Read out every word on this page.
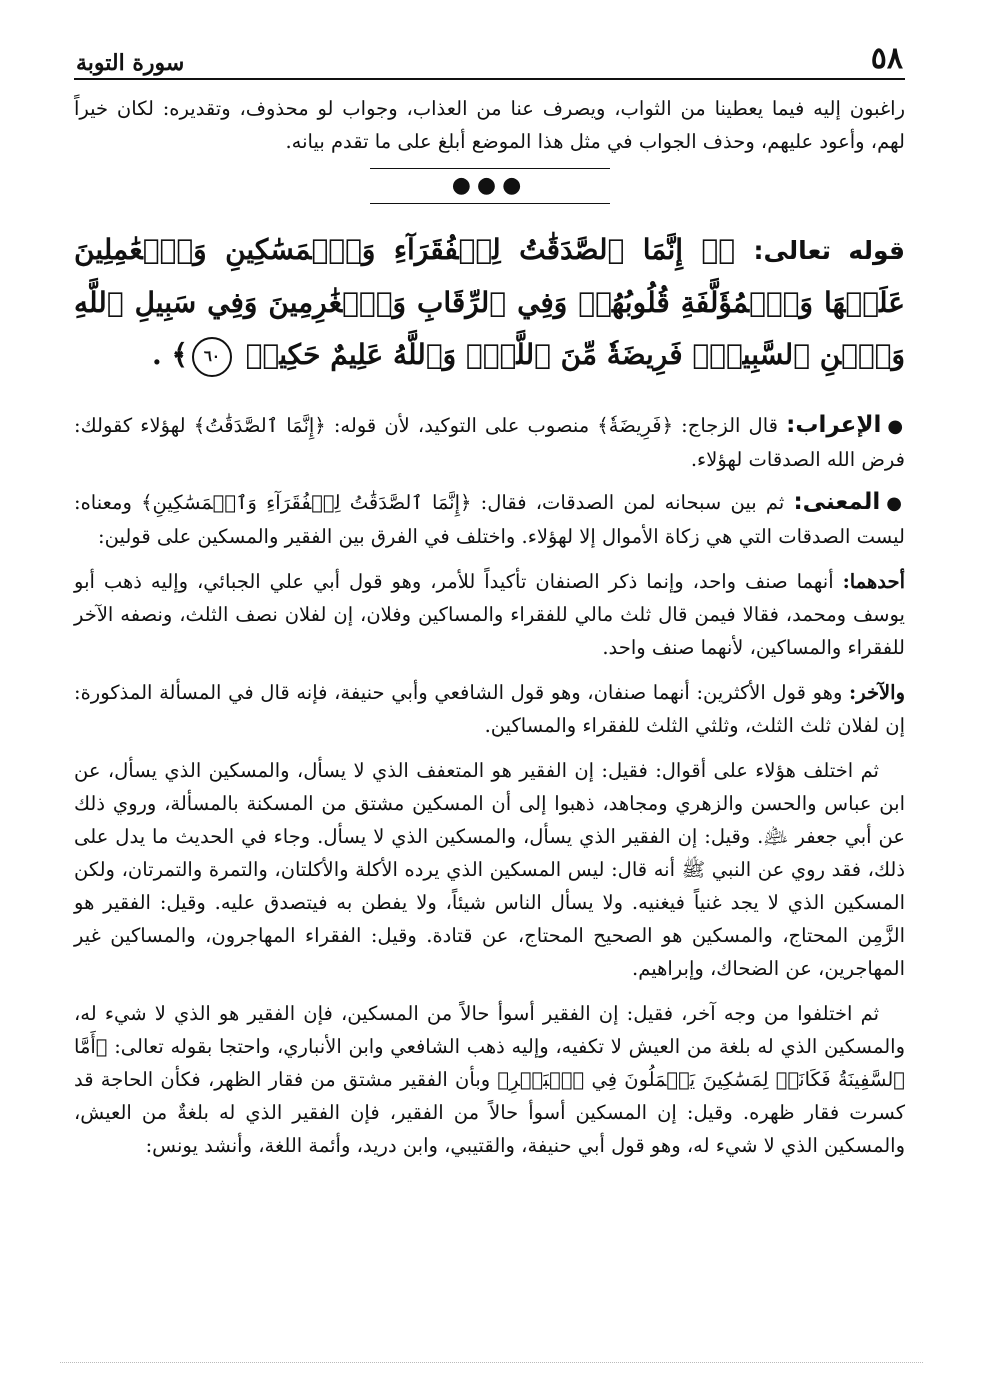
٥٨
سورة التوبة

راغبون إليه فيما يعطينا من الثواب، ويصرف عنا من العذاب، وجواب لو محذوف، وتقديره: لكان خيراً لهم، وأعود عليهم، وحذف الجواب في مثل هذا الموضع أبلغ على ما تقدم بيانه.

●●●

قوله تعالى: ﴿۞ إِنَّمَا ٱلصَّدَقَٰتُ لِلۡفُقَرَآءِ وَٱلۡمَسَٰكِينِ وَٱلۡعَٰمِلِينَ عَلَيۡهَا وَٱلۡمُؤَلَّفَةِ قُلُوبُهُمۡ وَفِي ٱلرِّقَابِ وَٱلۡغَٰرِمِينَ وَفِي سَبِيلِ ٱللَّهِ وَٱبۡنِ ٱلسَّبِيلِۖ فَرِيضَةٗ مِّنَ ٱللَّهِۗ وَٱللَّهُ عَلِيمٌ حَكِيمٞ ٦٠﴾ .

●الإعراب: قال الزجاج: ﴿فَرِيضَةٗ﴾ منصوب على التوكيد، لأن قوله: ﴿إِنَّمَا ٱلصَّدَقَٰتُ﴾ لهؤلاء كقولك: فرض الله الصدقات لهؤلاء.

●المعنى: ثم بين سبحانه لمن الصدقات، فقال: ﴿إِنَّمَا ٱلصَّدَقَٰتُ لِلۡفُقَرَآءِ وَٱلۡمَسَٰكِينِ﴾ ومعناه: ليست الصدقات التي هي زكاة الأموال إلا لهؤلاء. واختلف في الفرق بين الفقير والمسكين على قولين:

أحدهما: أنهما صنف واحد، وإنما ذكر الصنفان تأكيداً للأمر، وهو قول أبي علي الجبائي، وإليه ذهب أبو يوسف ومحمد، فقالا فيمن قال ثلث مالي للفقراء والمساكين وفلان، إن لفلان نصف الثلث، ونصفه الآخر للفقراء والمساكين، لأنهما صنف واحد.

والآخر: وهو قول الأكثرين: أنهما صنفان، وهو قول الشافعي وأبي حنيفة، فإنه قال في المسألة المذكورة: إن لفلان ثلث الثلث، وثلثي الثلث للفقراء والمساكين.

ثم اختلف هؤلاء على أقوال: فقيل: إن الفقير هو المتعفف الذي لا يسأل، والمسكين الذي يسأل، عن ابن عباس والحسن والزهري ومجاهد، ذهبوا إلى أن المسكين مشتق من المسكنة بالمسألة، وروي ذلك عن أبي جعفر ﵇. وقيل: إن الفقير الذي يسأل، والمسكين الذي لا يسأل. وجاء في الحديث ما يدل على ذلك، فقد روي عن النبي ﷺ أنه قال: ليس المسكين الذي يرده الأكلة والأكلتان، والتمرة والتمرتان، ولكن المسكين الذي لا يجد غنياً فيغنيه. ولا يسأل الناس شيئاً، ولا يفطن به فيتصدق عليه. وقيل: الفقير هو الزَّمِن المحتاج، والمسكين هو الصحيح المحتاج، عن قتادة. وقيل: الفقراء المهاجرون، والمساكين غير المهاجرين، عن الضحاك، وإبراهيم.

ثم اختلفوا من وجه آخر، فقيل: إن الفقير أسوأ حالاً من المسكين، فإن الفقير هو الذي لا شيء له، والمسكين الذي له بلغة من العيش لا تكفيه، وإليه ذهب الشافعي وابن الأنباري، واحتجا بقوله تعالى: ﴿أَمَّا ٱلسَّفِينَةُ فَكَانَتۡ لِمَسَٰكِينَ يَعۡمَلُونَ فِي ٱلۡبَحۡرِ﴾ وبأن الفقير مشتق من فقار الظهر، فكأن الحاجة قد كسرت فقار ظهره. وقيل: إن المسكين أسوأ حالاً من الفقير، فإن الفقير الذي له بلغةٌ من العيش، والمسكين الذي لا شيء له، وهو قول أبي حنيفة، والقتيبي، وابن دريد، وأئمة اللغة، وأنشد يونس:
